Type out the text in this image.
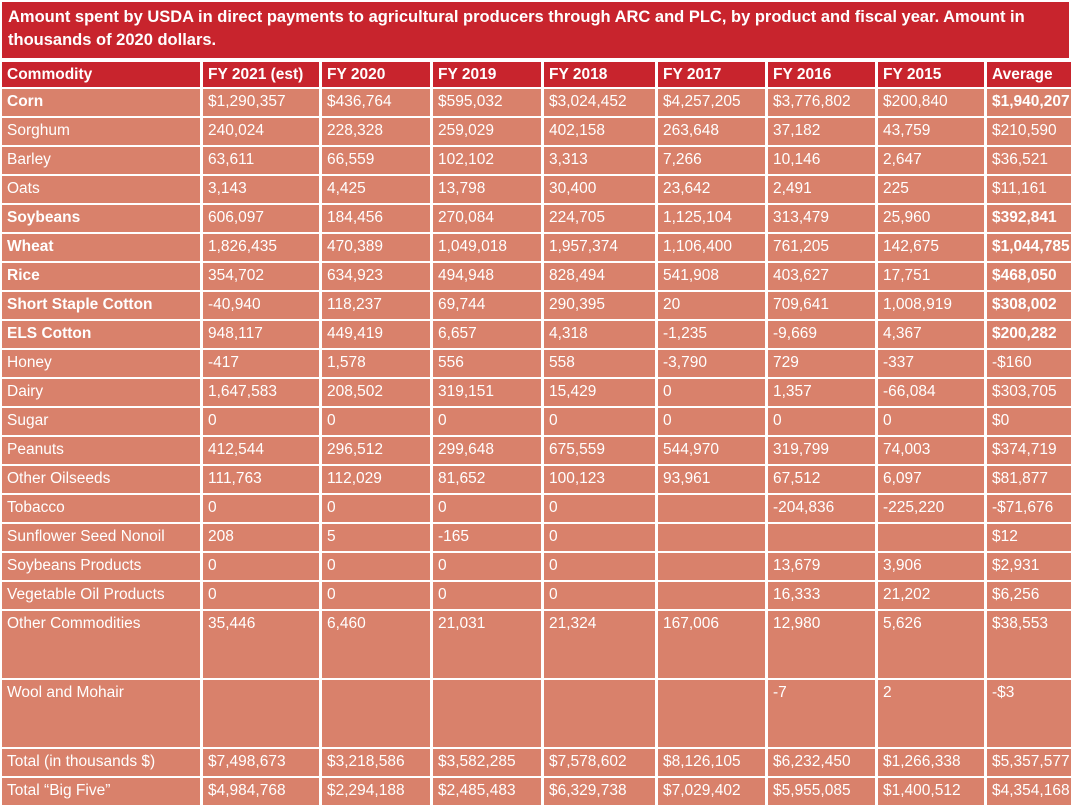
Amount spent by USDA in direct payments to agricultural producers through ARC and PLC, by product and fiscal year. Amount in thousands of 2020 dollars.
Commodity	FY 2021 (est)	FY 2020	FY 2019	FY 2018	FY 2017	FY 2016	FY 2015	Average
Corn	$1,290,357	$436,764	$595,032	$3,024,452	$4,257,205	$3,776,802	$200,840	$1,940,207
Sorghum	240,024	228,328	259,029	402,158	263,648	37,182	43,759	$210,590
Barley	63,611	66,559	102,102	3,313	7,266	10,146	2,647	$36,521
Oats	3,143	4,425	13,798	30,400	23,642	2,491	225	$11,161
Soybeans	606,097	184,456	270,084	224,705	1,125,104	313,479	25,960	$392,841
Wheat	1,826,435	470,389	1,049,018	1,957,374	1,106,400	761,205	142,675	$1,044,785
Rice	354,702	634,923	494,948	828,494	541,908	403,627	17,751	$468,050
Short Staple Cotton	-40,940	118,237	69,744	290,395	20	709,641	1,008,919	$308,002
ELS Cotton	948,117	449,419	6,657	4,318	-1,235	-9,669	4,367	$200,282
Honey	-417	1,578	556	558	-3,790	729	-337	-$160
Dairy	1,647,583	208,502	319,151	15,429	0	1,357	-66,084	$303,705
Sugar	0	0	0	0	0	0	0	$0
Peanuts	412,544	296,512	299,648	675,559	544,970	319,799	74,003	$374,719
Other Oilseeds	111,763	112,029	81,652	100,123	93,961	67,512	6,097	$81,877
Tobacco	0	0	0	0		-204,836	-225,220	-$71,676
Sunflower Seed Nonoil	208	5	-165	0				$12
Soybeans Products	0	0	0	0		13,679	3,906	$2,931
Vegetable Oil Products	0	0	0	0		16,333	21,202	$6,256
Other Commodities	35,446	6,460	21,031	21,324	167,006	12,980	5,626	$38,553
Wool and Mohair						-7	2	-$3
Total (in thousands $)	$7,498,673	$3,218,586	$3,582,285	$7,578,602	$8,126,105	$6,232,450	$1,266,338	$5,357,577
Total “Big Five”	$4,984,768	$2,294,188	$2,485,483	$6,329,738	$7,029,402	$5,955,085	$1,400,512	$4,354,168
